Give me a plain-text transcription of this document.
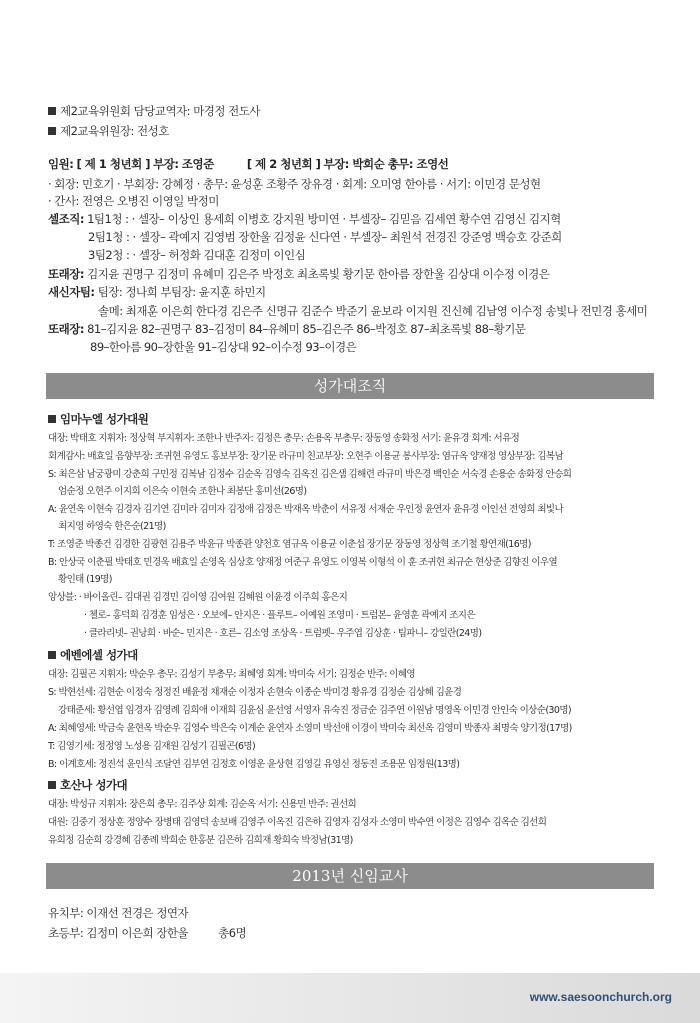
제2교육위원회 담당교역자: 마경정 전도사
제2교육위원장: 전성호
임원: [ 제 1 청년회 ] 부장: 조영준	[ 제 2 청년회 ] 부장: 박희순 총무: 조영선
· 회장: 민호기 · 부회장: 강혜정 · 총무: 윤성훈 조황주 장유경 · 회계: 오미영 한아름 · 서기: 이민경 문성현
· 간사: 전영은 오병진 이영일 박정미
셀조직: 1팀1청 : · 셀장– 이상인 용세희 이병호 강지원 방미연 · 부셀장– 김믿음 김세연 황수연 김영신 김지혁
2팀1청 : · 셀장– 곽예지 김영범 장한울 김정윤 신다연 · 부셀장– 최원석 전경진 강준영 백승호 강준희
3팀2청 : · 셀장– 허정화 김대훈 김정미 이인심
또래장: 김지윤 권명구 김정미 유혜미 김은주 박정호 최초록빛 황기문 한아름 장한울 김상대 이수정 이경은
새신자팀: 팀장: 정나희 부팀장: 윤지훈 하민지
솔메: 최재훈 이은희 한다경 김은주 신명규 김준수 박준기 윤보라 이지원 진신혜 김남영 이수정 송빛나 전민경 홍세미
또래장: 81–김지윤 82–권명구 83–김정미 84–유혜미 85–김은주 86–박정호 87–최초록빛 88–황기문
89–한아름 90–장한울 91–김상대 92–이수정 93–이경은
성가대조직
임마누엘 성가대원
대장: 박태호 지휘자: 정상혁 부지휘자: 조한나 반주자: 김정은 총무: 손용옥 부총무: 장동영 송화정 서기: 윤유경 회계: 서유정
회계감사: 배효일 음향부장: 조귀현 유영도 홍보부장: 장기문 라규미 친교부장: 오현주 이용균 봉사부장: 염규옥 양재정 영상부장: 김복남
S: 최은삼 남궁광미 강춘희 구민정 김복남 김정수 김순옥 김영숙 김옥진 김은샘 김해련 라규미 박은경 백인순 서숙경 손용순 송화정 안승희
엄순정 오현주 이지희 이은숙 이현숙 조한나 최봉단 홍미선(26명)
A: 윤연옥 이현숙 김경자 김기연 김미라 김미자 김정애 김정은 박재옥 박춘이 서유정 서재순 우인정 윤연자 윤유경 이인선 전영희 최빛나
최지영 하영숙 한은순(21명)
T: 조영준 박종건 김경한 김광현 김용주 박윤규 박종관 양천호 염규옥 이용균 이춘섭 장기문 장동영 정상혁 조기철 황연재(16명)
B: 안상국 이춘필 박태호 민경욱 배효일 손영옥 심상호 양재정 여준구 유영도 이영복 이형석 이 훈 조귀현 최규순 현상준 김향진 이우열
황인태 (19명)
앙상블: · 바이올린– 김대권 김경민 김이영 김여원 김혜원 이윤경 이주희 홍은지
· 첼로– 홍덕희 김경훈 임성은 · 오보에– 안지은 · 플루트– 이예원 조영미 · 트럼본– 윤영훈 곽예지 조지은
· 클라리넷– 권낭희 · 바순– 민지은 · 호른– 김소영 조상옥 · 트럼펫– 우주엽 김상훈 · 팀파니– 강일란(24명)
에벤에셀 성가대
대장: 김필곤 지휘자: 박순우 총무: 김성기 부총무: 최혜영 회계: 박미숙 서기: 김정순 반주: 이혜영
S: 박현선세: 김현순 이정숙 정정진 배윤정 채재순 이정자 손현숙 이종순 박미경 황유경 김정순 김상혜 김윤경
강태준세: 황선엽 임경자 김영례 김희애 이재희 김윤심 윤선영 서영자 유숙진 정금순 김주연 이원남 명영옥 이민경 안인숙 이상순(30명)
A: 최혜영세: 박금숙 윤현옥 박순우 김영수 박은숙 이계순 윤연자 소영미 박선애 이경이 박미숙 최선옥 김영미 박종자 최명숙 양기정(17명)
T: 김영기세: 정정영 노성용 김재원 김성기 김필곤(6명)
B: 이계호세: 정진석 윤인식 조달연 김부연 김정호 이영운 윤상현 김영길 유영신 정동진 조용문 임정원(13명)
호산나 성가대
대장: 박성규 지휘자: 장은희 총무: 김주상 회계: 김순옥 서기: 신용민 반주: 권선희
대원: 김중기 정상훈 정양수 장병태 김영덕 송보배 김영주 이옥진 김은하 김영자 김성자 소영미 박수연 이정은 김영수 김옥순 김선희
유희정 김순희 강경혜 김종례 박희순 한홍분 김은하 김희재 황희숙 박정남(31명)
2013년 신임교사
유치부: 이재선 전경은 정연자
초등부: 김정미 이은희 장한울	총6명
www.saesoonchurch.org
